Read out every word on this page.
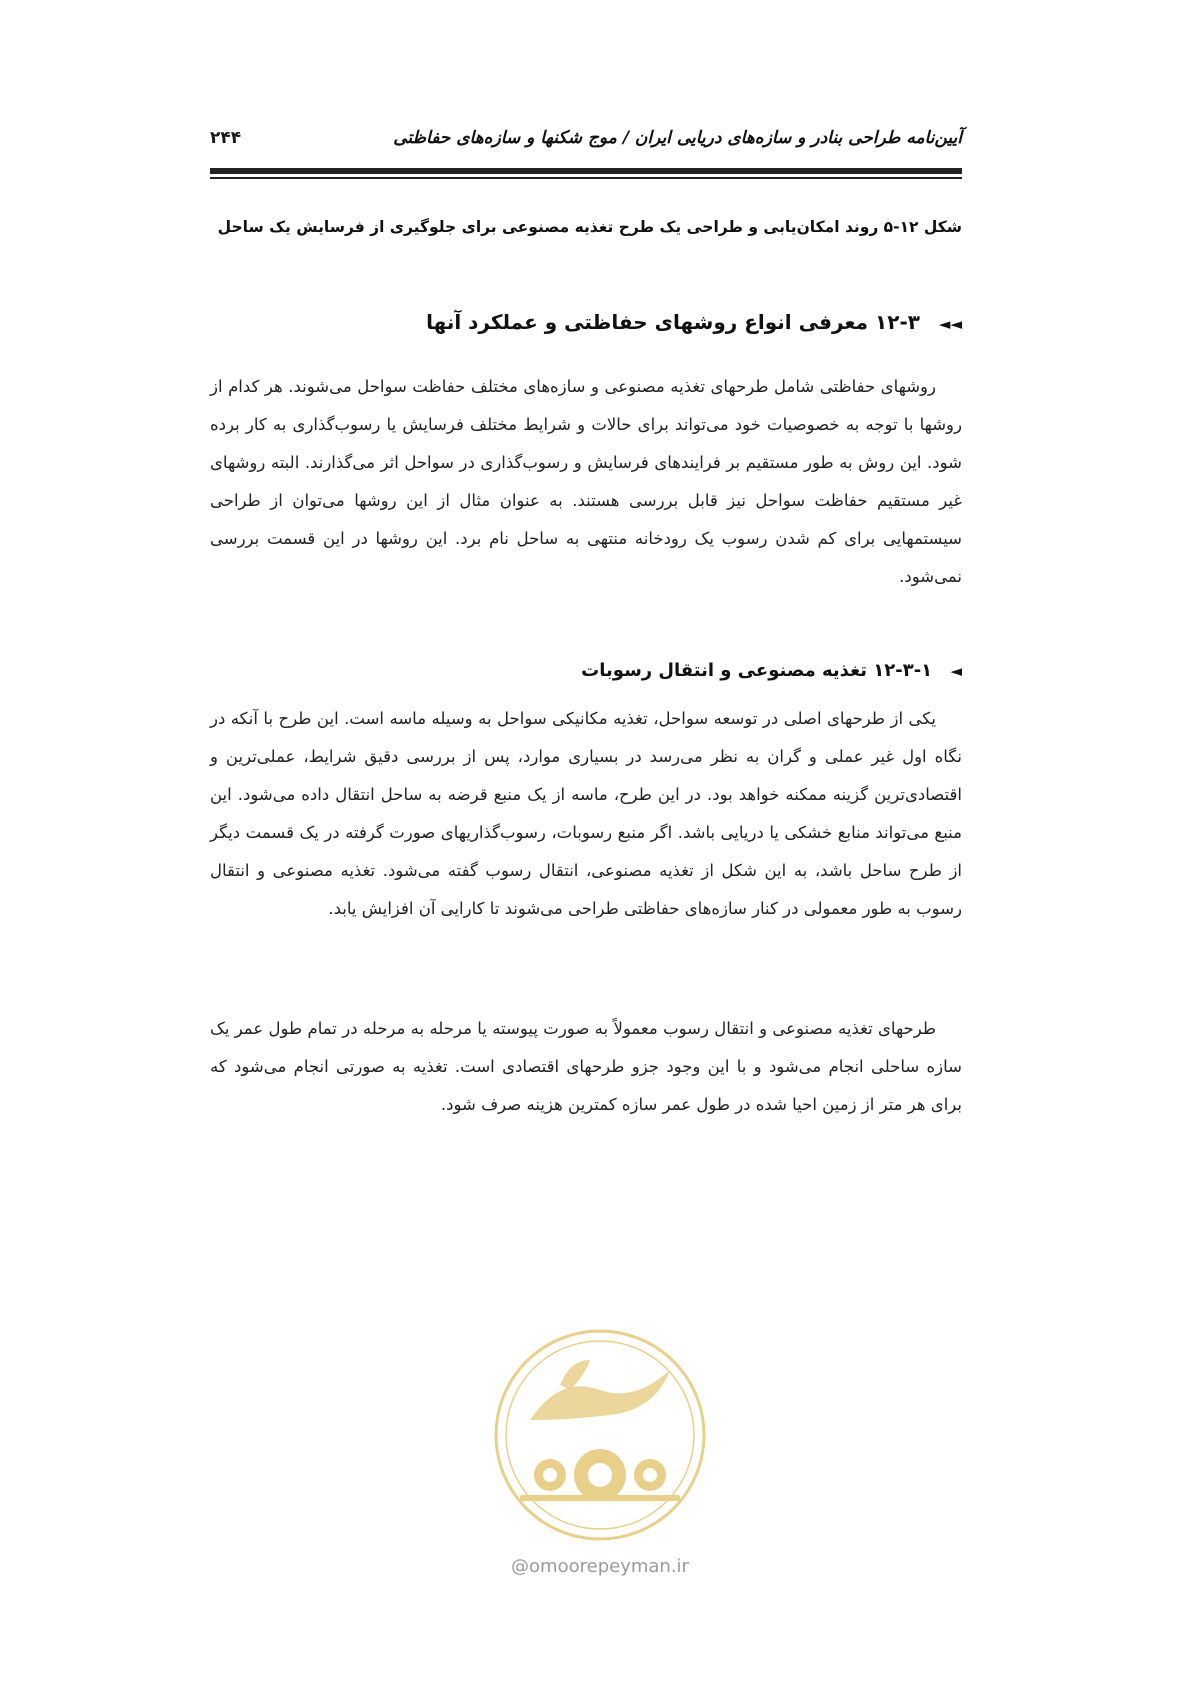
آیین‌نامه طراحی بنادر و سازه‌های دریایی ایران / موج شکنها و سازه‌های حفاظتی
۲۴۴
شکل ۱۲-۵ روند امکان‌یابی و طراحی یک طرح تغذیه مصنوعی برای جلوگیری از فرسایش یک ساحل
◄◄ ۱۲-۳ معرفی انواع روشهای حفاظتی و عملکرد آنها

روشهای حفاظتی شامل طرحهای تغذیه مصنوعی و سازه‌های مختلف حفاظت سواحل می‌شوند. هر کدام از روشها با توجه به خصوصیات خود می‌تواند برای حالات و شرایط مختلف فرسایش یا رسوب‌گذاری به کار برده شود. این روش به طور مستقیم بر فرایندهای فرسایش و رسوب‌گذاری در سواحل اثر می‌گذارند. البته روشهای غیر مستقیم حفاظت سواحل نیز قابل بررسی هستند. به عنوان مثال از این روشها می‌توان از طراحی سیستمهایی برای کم شدن رسوب یک رودخانه منتهی به ساحل نام برد. این روشها در این قسمت بررسی نمی‌شود.

◄ ۱۲-۳-۱ تغذیه مصنوعی و انتقال رسوبات

یکی از طرحهای اصلی در توسعه سواحل، تغذیه مکانیکی سواحل به وسیله ماسه است. این طرح با آنکه در نگاه اول غیر عملی و گران به نظر می‌رسد در بسیاری موارد، پس از بررسی دقیق شرایط، عملی‌ترین و اقتصادی‌ترین گزینه ممکنه خواهد بود. در این طرح، ماسه از یک منبع قرضه به ساحل انتقال داده می‌شود. این منبع می‌تواند منابع خشکی یا دریایی باشد. اگر منبع رسوبات، رسوب‌گذاریهای صورت گرفته در یک قسمت دیگر از طرح ساحل باشد، به این شکل از تغذیه مصنوعی، انتقال رسوب گفته می‌شود. تغذیه مصنوعی و انتقال رسوب به طور معمولی در کنار سازه‌های حفاظتی طراحی می‌شوند تا کارایی آن افزایش یابد.

طرحهای تغذیه مصنوعی و انتقال رسوب معمولاً به صورت پیوسته یا مرحله به مرحله در تمام طول عمر یک سازه ساحلی انجام می‌شود و با این وجود جزو طرحهای اقتصادی است. تغذیه به صورتی انجام می‌شود که برای هر متر از زمین احیا شده در طول عمر سازه کمترین هزینه صرف شود.

@omoorepeyman.ir
